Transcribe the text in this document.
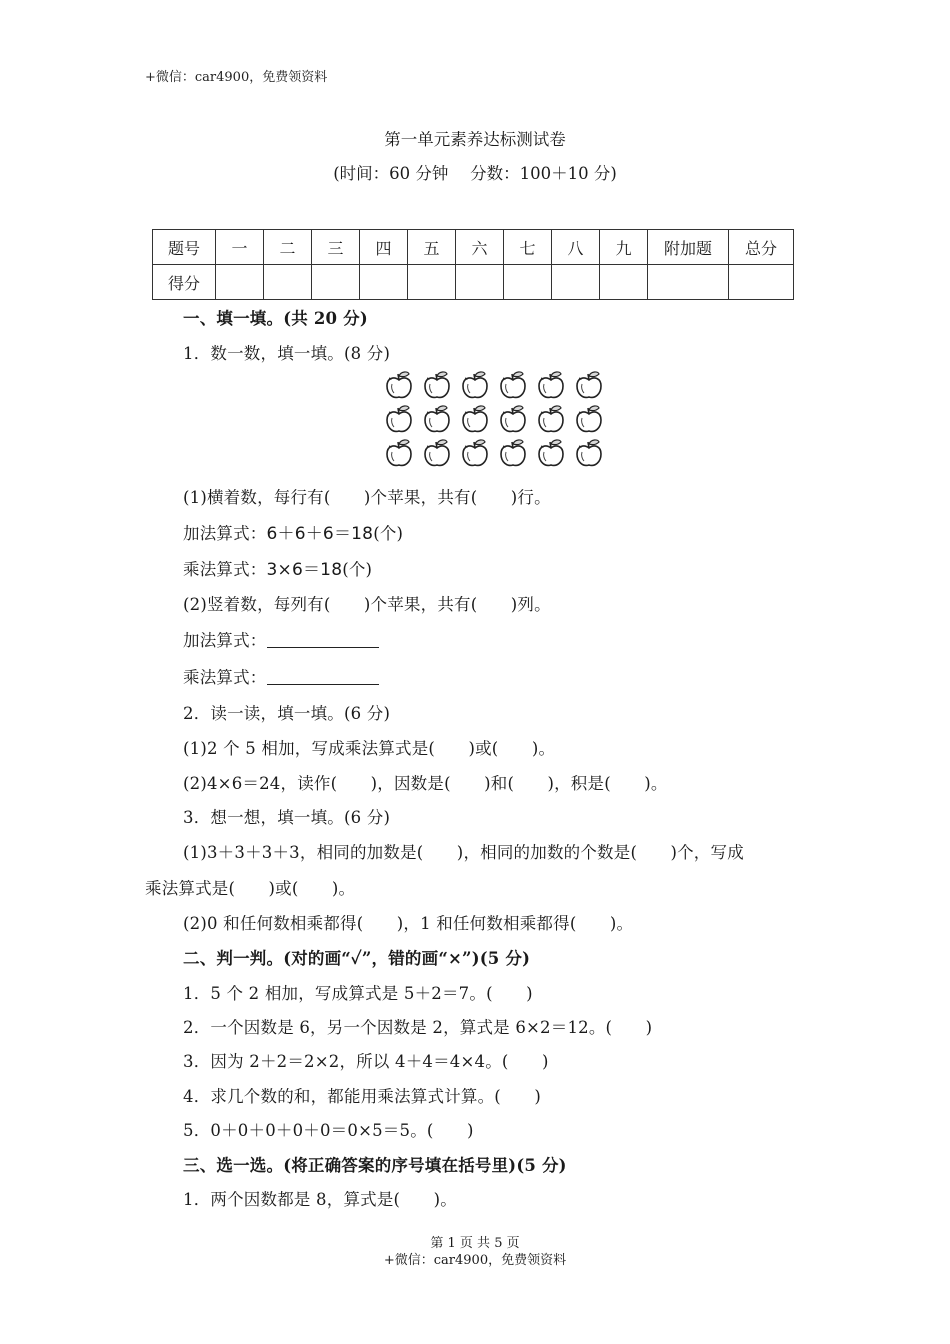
+微信：car4900，免费领资料
第一单元素养达标测试卷
(时间：60 分钟　 分数：100＋10 分)
题号	一	二	三	四	五	六	七	八	九	附加题	总分
得分											
一、填一填。(共 20 分)
1．数一数，填一填。(8 分)
(1)横着数，每行有(　　)个苹果，共有(　　)行。
加法算式：6＋6＋6＝18(个)
乘法算式：3×6＝18(个)
(2)竖着数，每列有(　　)个苹果，共有(　　)列。
加法算式：
乘法算式：
2．读一读，填一填。(6 分)
(1)2 个 5 相加，写成乘法算式是(　　)或(　　)。
(2)4×6＝24，读作(　　)，因数是(　　)和(　　)，积是(　　)。
3．想一想，填一填。(6 分)
(1)3＋3＋3＋3，相同的加数是(　　)，相同的加数的个数是(　　)个，写成
乘法算式是(　　)或(　　)。
(2)0 和任何数相乘都得(　　)，1 和任何数相乘都得(　　)。
二、判一判。(对的画“✓”，错的画“×”)(5 分)
1．5 个 2 相加，写成算式是 5＋2＝7。(　　)
2．一个因数是 6，另一个因数是 2，算式是 6×2＝12。(　　)
3．因为 2＋2＝2×2，所以 4＋4＝4×4。(　　)
4．求几个数的和，都能用乘法算式计算。(　　)
5．0＋0＋0＋0＋0＝0×5＝5。(　　)
三、选一选。(将正确答案的序号填在括号里)(5 分)
1．两个因数都是 8，算式是(　　)。
第 1 页 共 5 页
+微信：car4900，免费领资料
